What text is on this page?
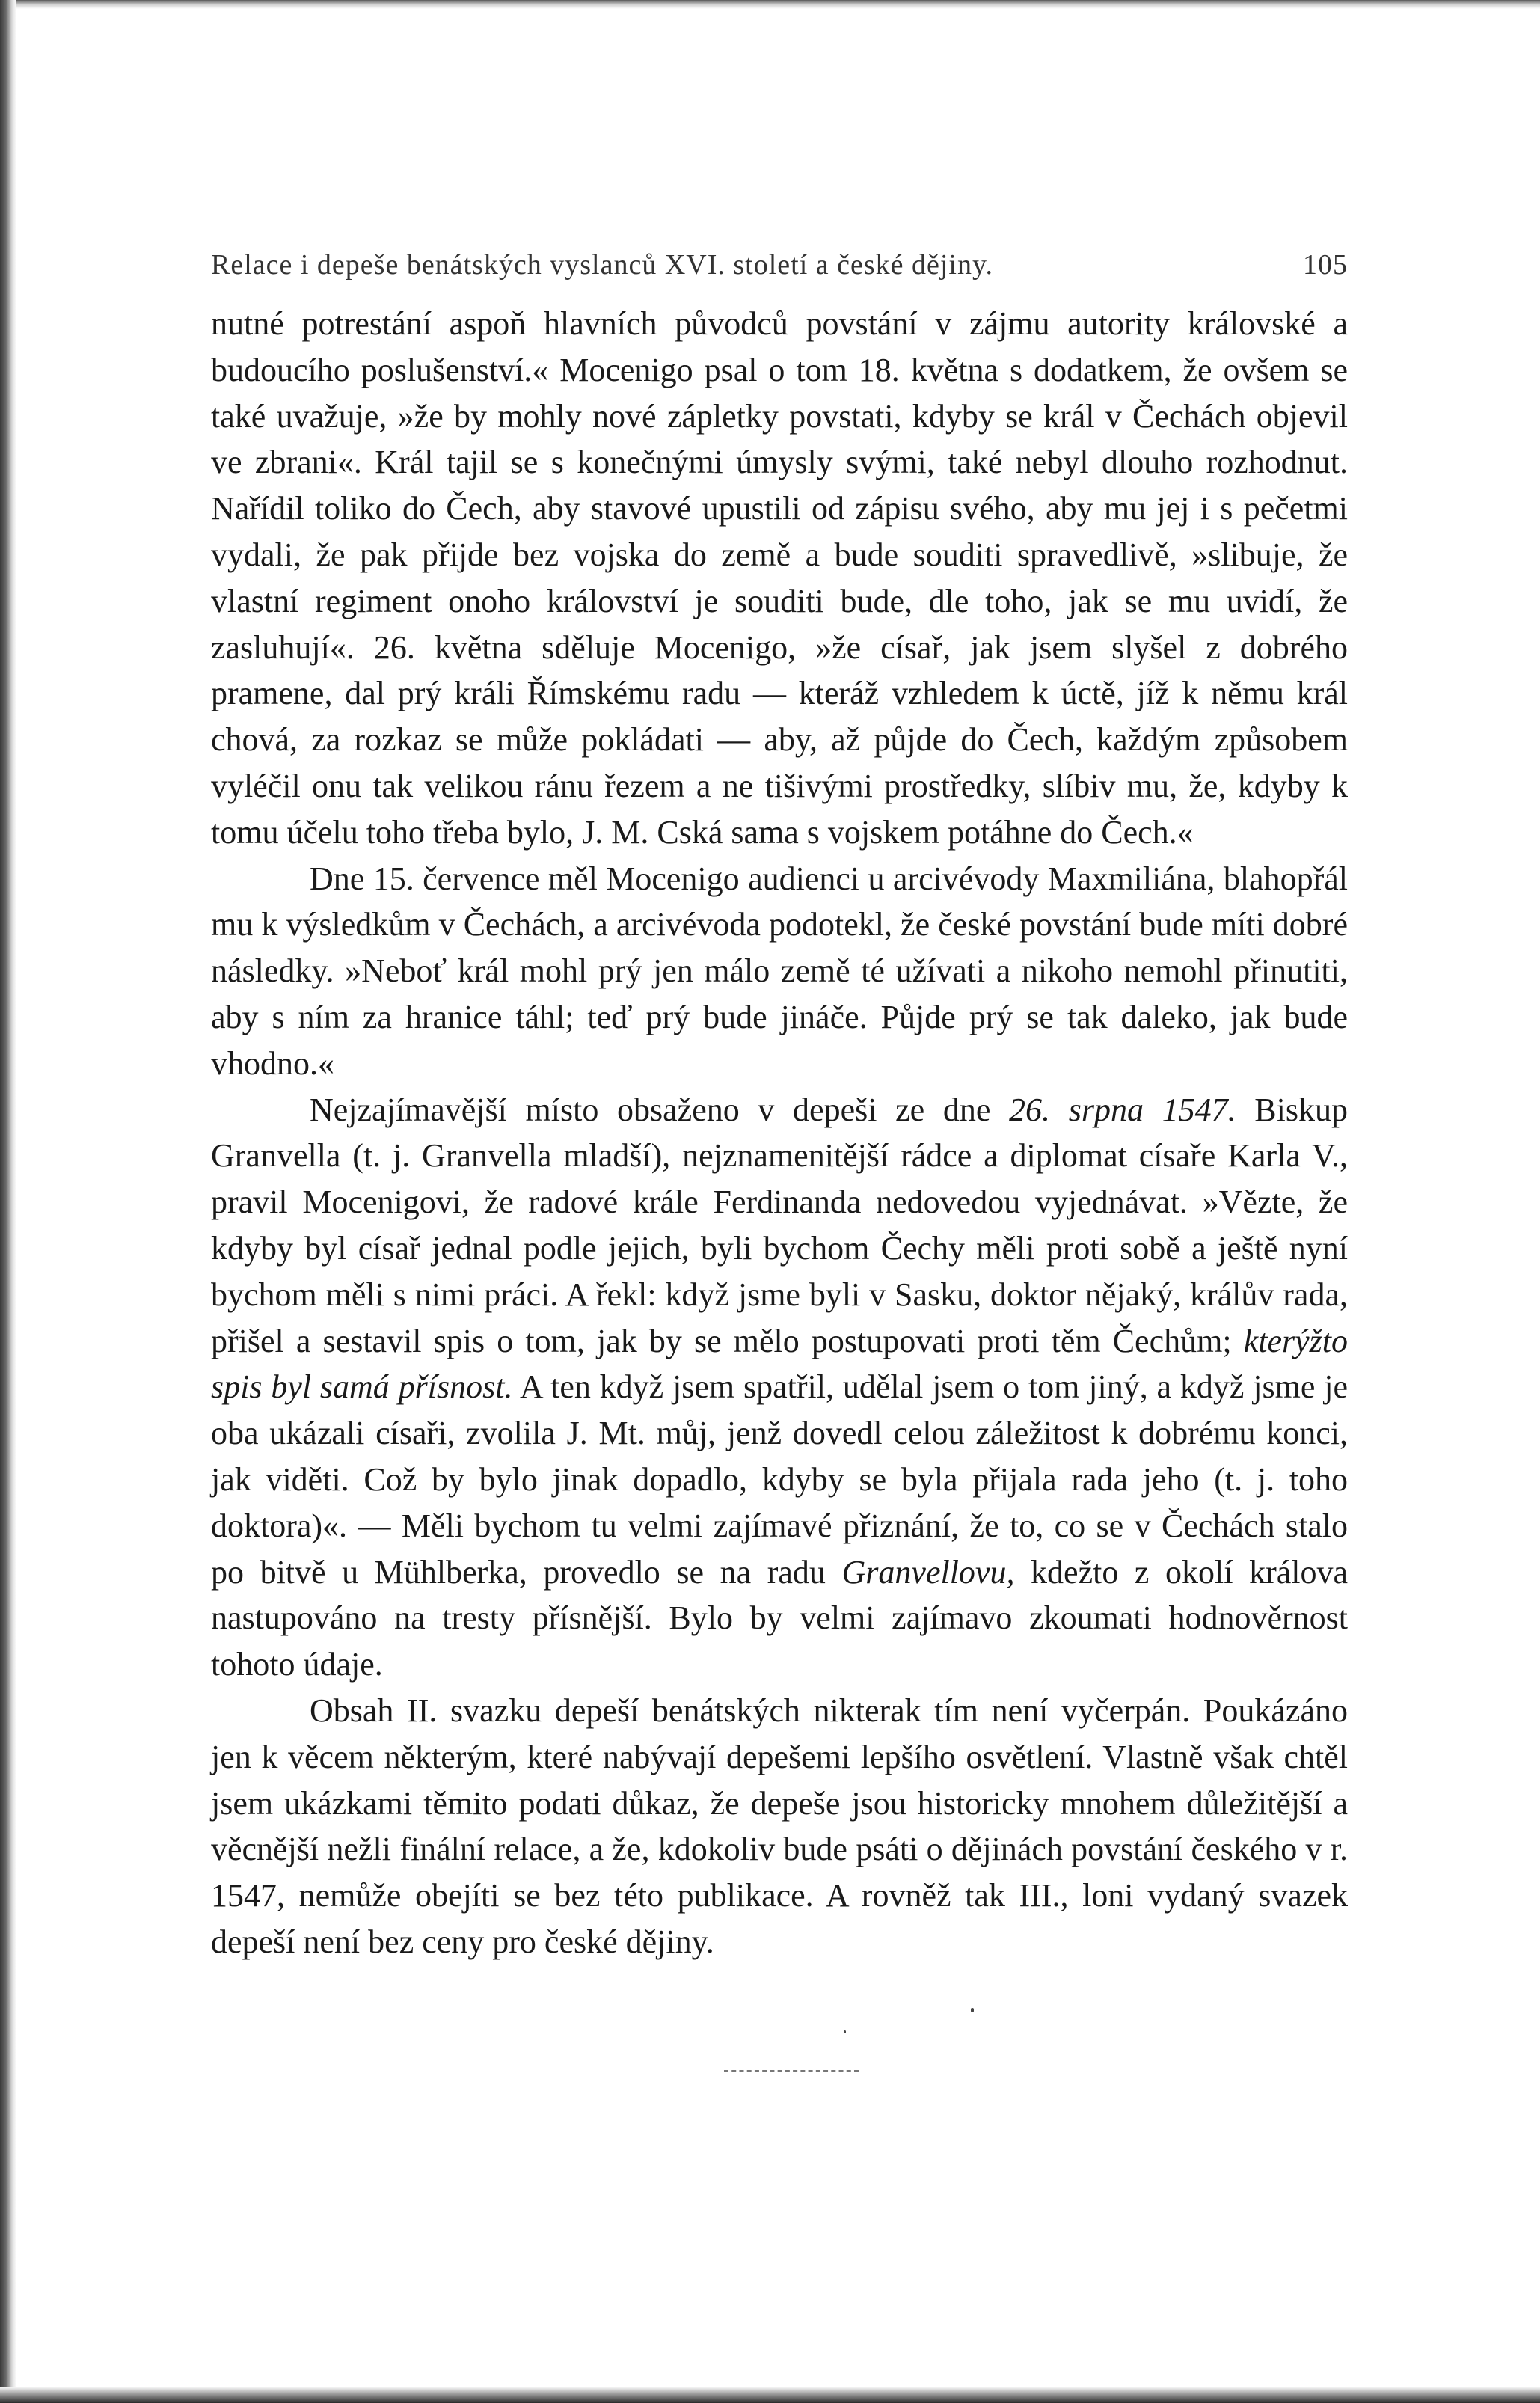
Relace i depeše benátských vyslanců XVI. století a české dějiny.	105

nutné potrestání aspoň hlavních původců povstání v zájmu autority královské a budoucího poslušenství.« Mocenigo psal o tom 18. května s dodatkem, že ovšem se také uvažuje, »že by mohly nové zápletky povstati, kdyby se král v Čechách objevil ve zbrani«. Král tajil se s konečnými úmysly svými, také nebyl dlouho rozhodnut. Nařídil toliko do Čech, aby stavové upustili od zápisu svého, aby mu jej i s pečetmi vydali, že pak přijde bez vojska do země a bude souditi spravedlivě, »slibuje, že vlastní regiment onoho království je souditi bude, dle toho, jak se mu uvidí, že zasluhují«. 26. května sděluje Mocenigo, »že císař, jak jsem slyšel z dobrého pramene, dal prý králi Římskému radu — kteráž vzhledem k úctě, jíž k němu král chová, za rozkaz se může pokládati — aby, až půjde do Čech, každým způsobem vyléčil onu tak velikou ránu řezem a ne tišivými prostředky, slíbiv mu, že, kdyby k tomu účelu toho třeba bylo, J. M. Cská sama s vojskem potáhne do Čech.«

Dne 15. července měl Mocenigo audienci u arcivévody Maxmiliána, blahopřál mu k výsledkům v Čechách, a arcivévoda podotekl, že české povstání bude míti dobré následky. »Neboť král mohl prý jen málo země té užívati a nikoho nemohl přinutiti, aby s ním za hranice táhl; teď prý bude jináče. Půjde prý se tak daleko, jak bude vhodno.«

Nejzajímavější místo obsaženo v depeši ze dne 26. srpna 1547. Biskup Granvella (t. j. Granvella mladší), nejznamenitější rádce a diplomat císaře Karla V., pravil Mocenigovi, že radové krále Ferdinanda nedovedou vyjednávat. »Vězte, že kdyby byl císař jednal podle jejich, byli bychom Čechy měli proti sobě a ještě nyní bychom měli s nimi práci. A řekl: když jsme byli v Sasku, doktor nějaký, králův rada, přišel a sestavil spis o tom, jak by se mělo postupovati proti těm Čechům; kterýžto spis byl samá přísnost. A ten když jsem spatřil, udělal jsem o tom jiný, a když jsme je oba ukázali císaři, zvolila J. Mt. můj, jenž dovedl celou záležitost k dobrému konci, jak viděti. Což by bylo jinak dopadlo, kdyby se byla přijala rada jeho (t. j. toho doktora)«. — Měli bychom tu velmi zajímavé přiznání, že to, co se v Čechách stalo po bitvě u Mühlberka, provedlo se na radu Granvellovu, kdežto z okolí králova nastupováno na tresty přísnější. Bylo by velmi zajímavo zkoumati hodnověrnost tohoto údaje.

Obsah II. svazku depeší benátských nikterak tím není vyčerpán. Poukázáno jen k věcem některým, které nabývají depešemi lepšího osvětlení. Vlastně však chtěl jsem ukázkami těmito podati důkaz, že depeše jsou historicky mnohem důležitější a věcnější nežli finální relace, a že, kdokoliv bude psáti o dějinách povstání českého v r. 1547, nemůže obejíti se bez této publikace. A rovněž tak III., loni vydaný svazek depeší není bez ceny pro české dějiny.
